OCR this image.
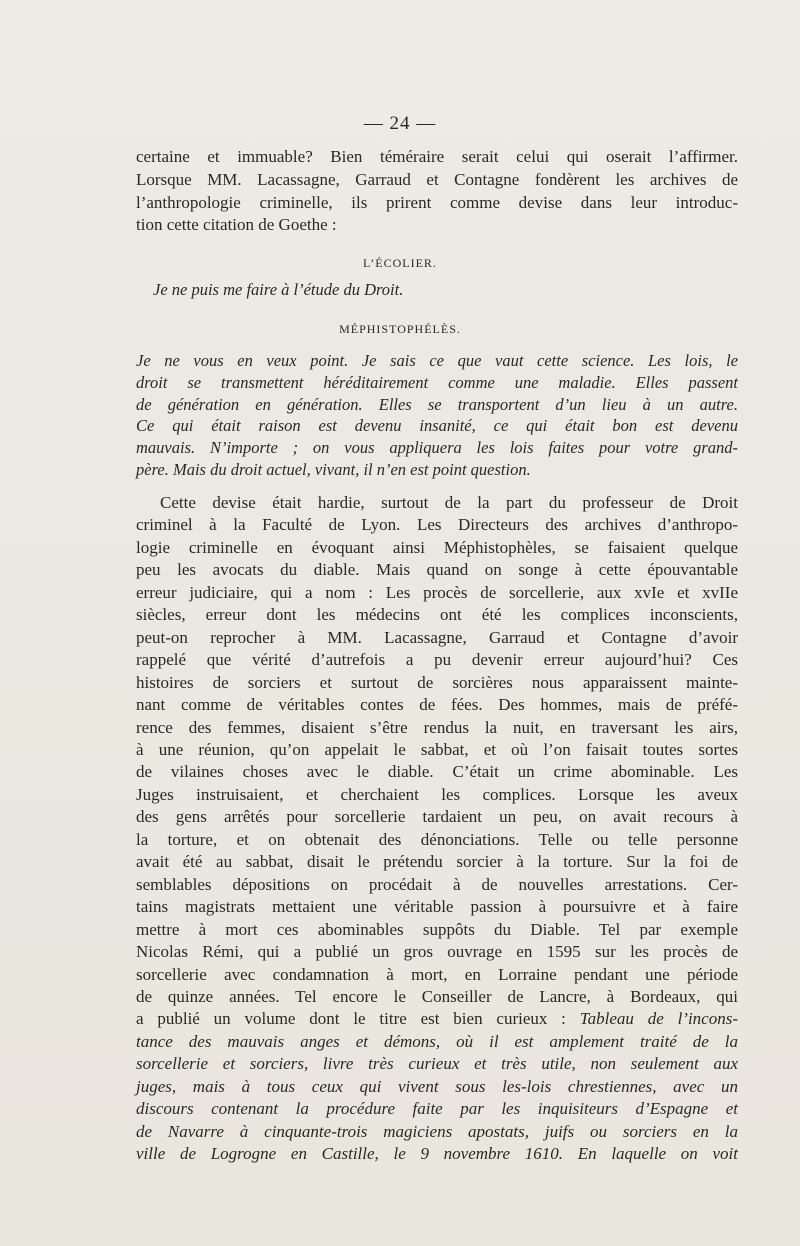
— 24 —
certaine et immuable? Bien téméraire serait celui qui oserait l’affirmer.
Lorsque MM. Lacassagne, Garraud et Contagne fondèrent les archives de
l’anthropologie criminelle, ils prirent comme devise dans leur introduc-
tion cette citation de Goethe :
L’ÉCOLIER.
Je ne puis me faire à l’étude du Droit.
MÉPHISTOPHÉLÈS.
Je ne vous en veux point. Je sais ce que vaut cette science. Les lois, le
droit se transmettent héréditairement comme une maladie. Elles passent
de génération en génération. Elles se transportent d’un lieu à un autre.
Ce qui était raison est devenu insanité, ce qui était bon est devenu
mauvais. N’importe ; on vous appliquera les lois faites pour votre grand-
père. Mais du droit actuel, vivant, il n’en est point question.
Cette devise était hardie, surtout de la part du professeur de Droit
criminel à la Faculté de Lyon. Les Directeurs des archives d’anthropo-
logie criminelle en évoquant ainsi Méphistophèles, se faisaient quelque
peu les avocats du diable. Mais quand on songe à cette épouvantable
erreur judiciaire, qui a nom : Les procès de sorcellerie, aux xvIe et xvIIe
siècles, erreur dont les médecins ont été les complices inconscients,
peut-on reprocher à MM. Lacassagne, Garraud et Contagne d’avoir
rappelé que vérité d’autrefois a pu devenir erreur aujourd’hui? Ces
histoires de sorciers et surtout de sorcières nous apparaissent mainte-
nant comme de véritables contes de fées. Des hommes, mais de préfé-
rence des femmes, disaient s’être rendus la nuit, en traversant les airs,
à une réunion, qu’on appelait le sabbat, et où l’on faisait toutes sortes
de vilaines choses avec le diable. C’était un crime abominable. Les
Juges instruisaient, et cherchaient les complices. Lorsque les aveux
des gens arrêtés pour sorcellerie tardaient un peu, on avait recours à
la torture, et on obtenait des dénonciations. Telle ou telle personne
avait été au sabbat, disait le prétendu sorcier à la torture. Sur la foi de
semblables dépositions on procédait à de nouvelles arrestations. Cer-
tains magistrats mettaient une véritable passion à poursuivre et à faire
mettre à mort ces abominables suppôts du Diable. Tel par exemple
Nicolas Rémi, qui a publié un gros ouvrage en 1595 sur les procès de
sorcellerie avec condamnation à mort, en Lorraine pendant une période
de quinze années. Tel encore le Conseiller de Lancre, à Bordeaux, qui
a publié un volume dont le titre est bien curieux : Tableau de l’incons-
tance des mauvais anges et démons, où il est amplement traité de la
sorcellerie et sorciers, livre très curieux et très utile, non seulement aux
juges, mais à tous ceux qui vivent sous les-lois chrestiennes, avec un
discours contenant la procédure faite par les inquisiteurs d’Espagne et
de Navarre à cinquante-trois magiciens apostats, juifs ou sorciers en la
ville de Logrogne en Castille, le 9 novembre 1610. En laquelle on voit
